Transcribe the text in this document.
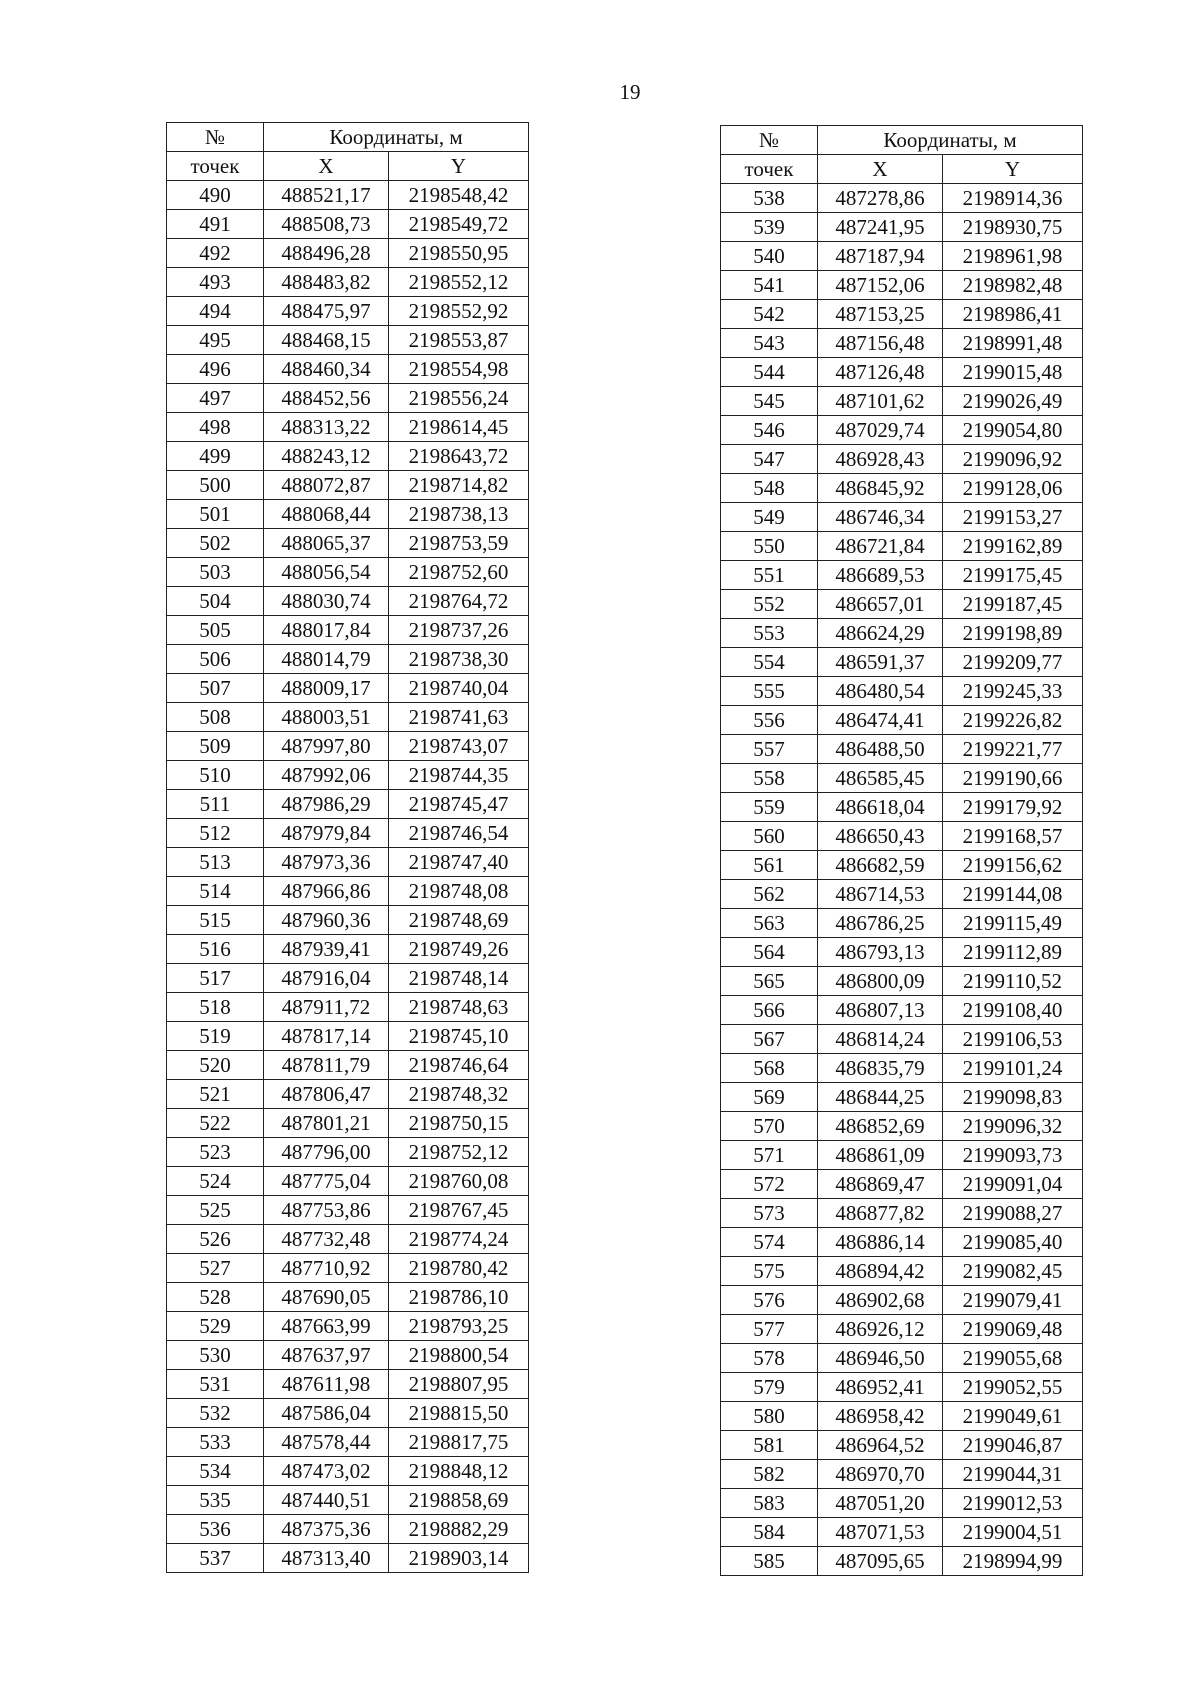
19
№	Координаты, м	
точек	X	Y
490	488521,17	2198548,42
491	488508,73	2198549,72
492	488496,28	2198550,95
493	488483,82	2198552,12
494	488475,97	2198552,92
495	488468,15	2198553,87
496	488460,34	2198554,98
497	488452,56	2198556,24
498	488313,22	2198614,45
499	488243,12	2198643,72
500	488072,87	2198714,82
501	488068,44	2198738,13
502	488065,37	2198753,59
503	488056,54	2198752,60
504	488030,74	2198764,72
505	488017,84	2198737,26
506	488014,79	2198738,30
507	488009,17	2198740,04
508	488003,51	2198741,63
509	487997,80	2198743,07
510	487992,06	2198744,35
511	487986,29	2198745,47
512	487979,84	2198746,54
513	487973,36	2198747,40
514	487966,86	2198748,08
515	487960,36	2198748,69
516	487939,41	2198749,26
517	487916,04	2198748,14
518	487911,72	2198748,63
519	487817,14	2198745,10
520	487811,79	2198746,64
521	487806,47	2198748,32
522	487801,21	2198750,15
523	487796,00	2198752,12
524	487775,04	2198760,08
525	487753,86	2198767,45
526	487732,48	2198774,24
527	487710,92	2198780,42
528	487690,05	2198786,10
529	487663,99	2198793,25
530	487637,97	2198800,54
531	487611,98	2198807,95
532	487586,04	2198815,50
533	487578,44	2198817,75
534	487473,02	2198848,12
535	487440,51	2198858,69
536	487375,36	2198882,29
537	487313,40	2198903,14
№	Координаты, м	
точек	X	Y
538	487278,86	2198914,36
539	487241,95	2198930,75
540	487187,94	2198961,98
541	487152,06	2198982,48
542	487153,25	2198986,41
543	487156,48	2198991,48
544	487126,48	2199015,48
545	487101,62	2199026,49
546	487029,74	2199054,80
547	486928,43	2199096,92
548	486845,92	2199128,06
549	486746,34	2199153,27
550	486721,84	2199162,89
551	486689,53	2199175,45
552	486657,01	2199187,45
553	486624,29	2199198,89
554	486591,37	2199209,77
555	486480,54	2199245,33
556	486474,41	2199226,82
557	486488,50	2199221,77
558	486585,45	2199190,66
559	486618,04	2199179,92
560	486650,43	2199168,57
561	486682,59	2199156,62
562	486714,53	2199144,08
563	486786,25	2199115,49
564	486793,13	2199112,89
565	486800,09	2199110,52
566	486807,13	2199108,40
567	486814,24	2199106,53
568	486835,79	2199101,24
569	486844,25	2199098,83
570	486852,69	2199096,32
571	486861,09	2199093,73
572	486869,47	2199091,04
573	486877,82	2199088,27
574	486886,14	2199085,40
575	486894,42	2199082,45
576	486902,68	2199079,41
577	486926,12	2199069,48
578	486946,50	2199055,68
579	486952,41	2199052,55
580	486958,42	2199049,61
581	486964,52	2199046,87
582	486970,70	2199044,31
583	487051,20	2199012,53
584	487071,53	2199004,51
585	487095,65	2198994,99
